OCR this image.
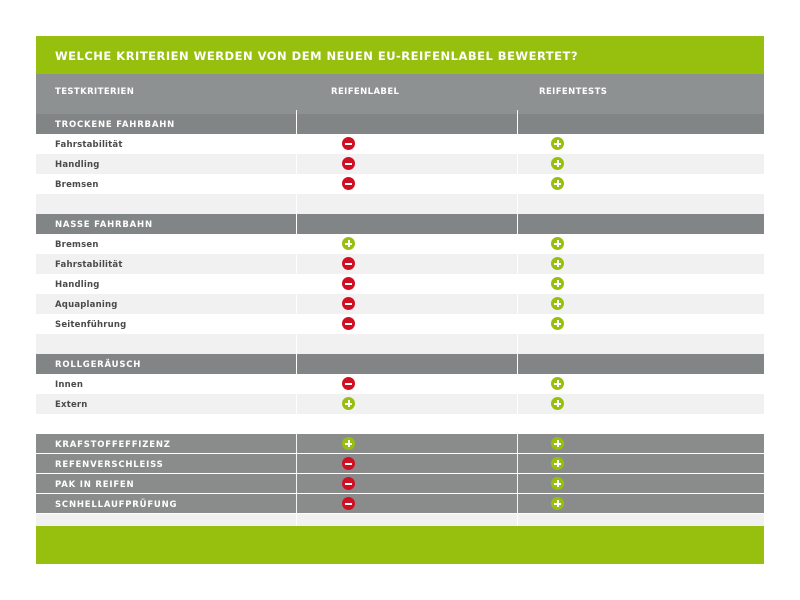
WELCHE KRITERIEN WERDEN VON DEM NEUEN EU-REIFENLABEL BEWERTET?
TESTKRITERIEN	REIFENLABEL	REIFENTESTS
TROCKENE FAHRBAHN
Fahrstabilität
Handling
Bremsen
NASSE FAHRBAHN
Bremsen
Fahrstabilität
Handling
Aquaplaning
Seitenführung
ROLLGERÄUSCH
Innen
Extern
KRAFSTOFFEFFIZENZ
REFENVERSCHLEISS
PAK IN REIFEN
SCNHELLAUFPRÜFUNG
